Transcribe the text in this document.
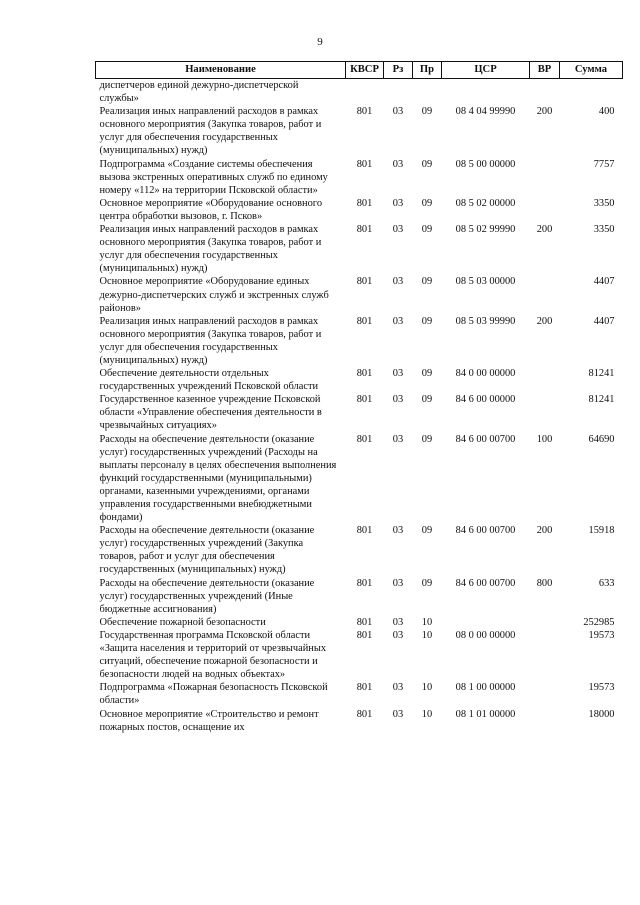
9
Наименование	КВСР	Рз	Пр	ЦСР	ВР	Сумма
диспетчеров единой дежурно-диспетчерской службы»						
Реализация иных направлений расходов в рамках основного мероприятия (Закупка товаров, работ и услуг для обеспечения государственных (муниципальных) нужд)	801	03	09	08 4 04 99990	200	400
Подпрограмма «Создание системы обеспечения вызова экстренных оперативных служб по единому номеру «112» на территории Псковской области»	801	03	09	08 5 00 00000		7757
Основное мероприятие «Оборудование основного центра обработки вызовов, г. Псков»	801	03	09	08 5 02 00000		3350
Реализация иных направлений расходов в рамках основного мероприятия (Закупка товаров, работ и услуг для обеспечения государственных (муниципальных) нужд)	801	03	09	08 5 02 99990	200	3350
Основное мероприятие «Оборудование единых дежурно-диспетчерских служб и экстренных служб районов»	801	03	09	08 5 03 00000		4407
Реализация иных направлений расходов в рамках основного мероприятия (Закупка товаров, работ и услуг для обеспечения государственных (муниципальных) нужд)	801	03	09	08 5 03 99990	200	4407
Обеспечение деятельности отдельных государственных учреждений Псковской области	801	03	09	84 0 00 00000		81241
Государственное казенное учреждение Псковской области «Управление обеспечения деятельности в чрезвычайных ситуациях»	801	03	09	84 6 00 00000		81241
Расходы на обеспечение деятельности (оказание услуг) государственных учреждений (Расходы на выплаты персоналу в целях обеспечения выполнения функций государственными (муниципальными) органами, казенными учреждениями, органами управления государственными внебюджетными фондами)	801	03	09	84 6 00 00700	100	64690
Расходы на обеспечение деятельности (оказание услуг) государственных учреждений (Закупка товаров, работ и услуг для обеспечения государственных (муниципальных) нужд)	801	03	09	84 6 00 00700	200	15918
Расходы на обеспечение деятельности (оказание услуг) государственных учреждений (Иные бюджетные ассигнования)	801	03	09	84 6 00 00700	800	633
Обеспечение пожарной безопасности	801	03	10			252985
Государственная программа Псковской области «Защита населения и территорий от чрезвычайных ситуаций, обеспечение пожарной безопасности и безопасности людей на водных объектах»	801	03	10	08 0 00 00000		19573
Подпрограмма «Пожарная безопасность Псковской области»	801	03	10	08 1 00 00000		19573
Основное мероприятие «Строительство и ремонт пожарных постов, оснащение их	801	03	10	08 1 01 00000		18000
